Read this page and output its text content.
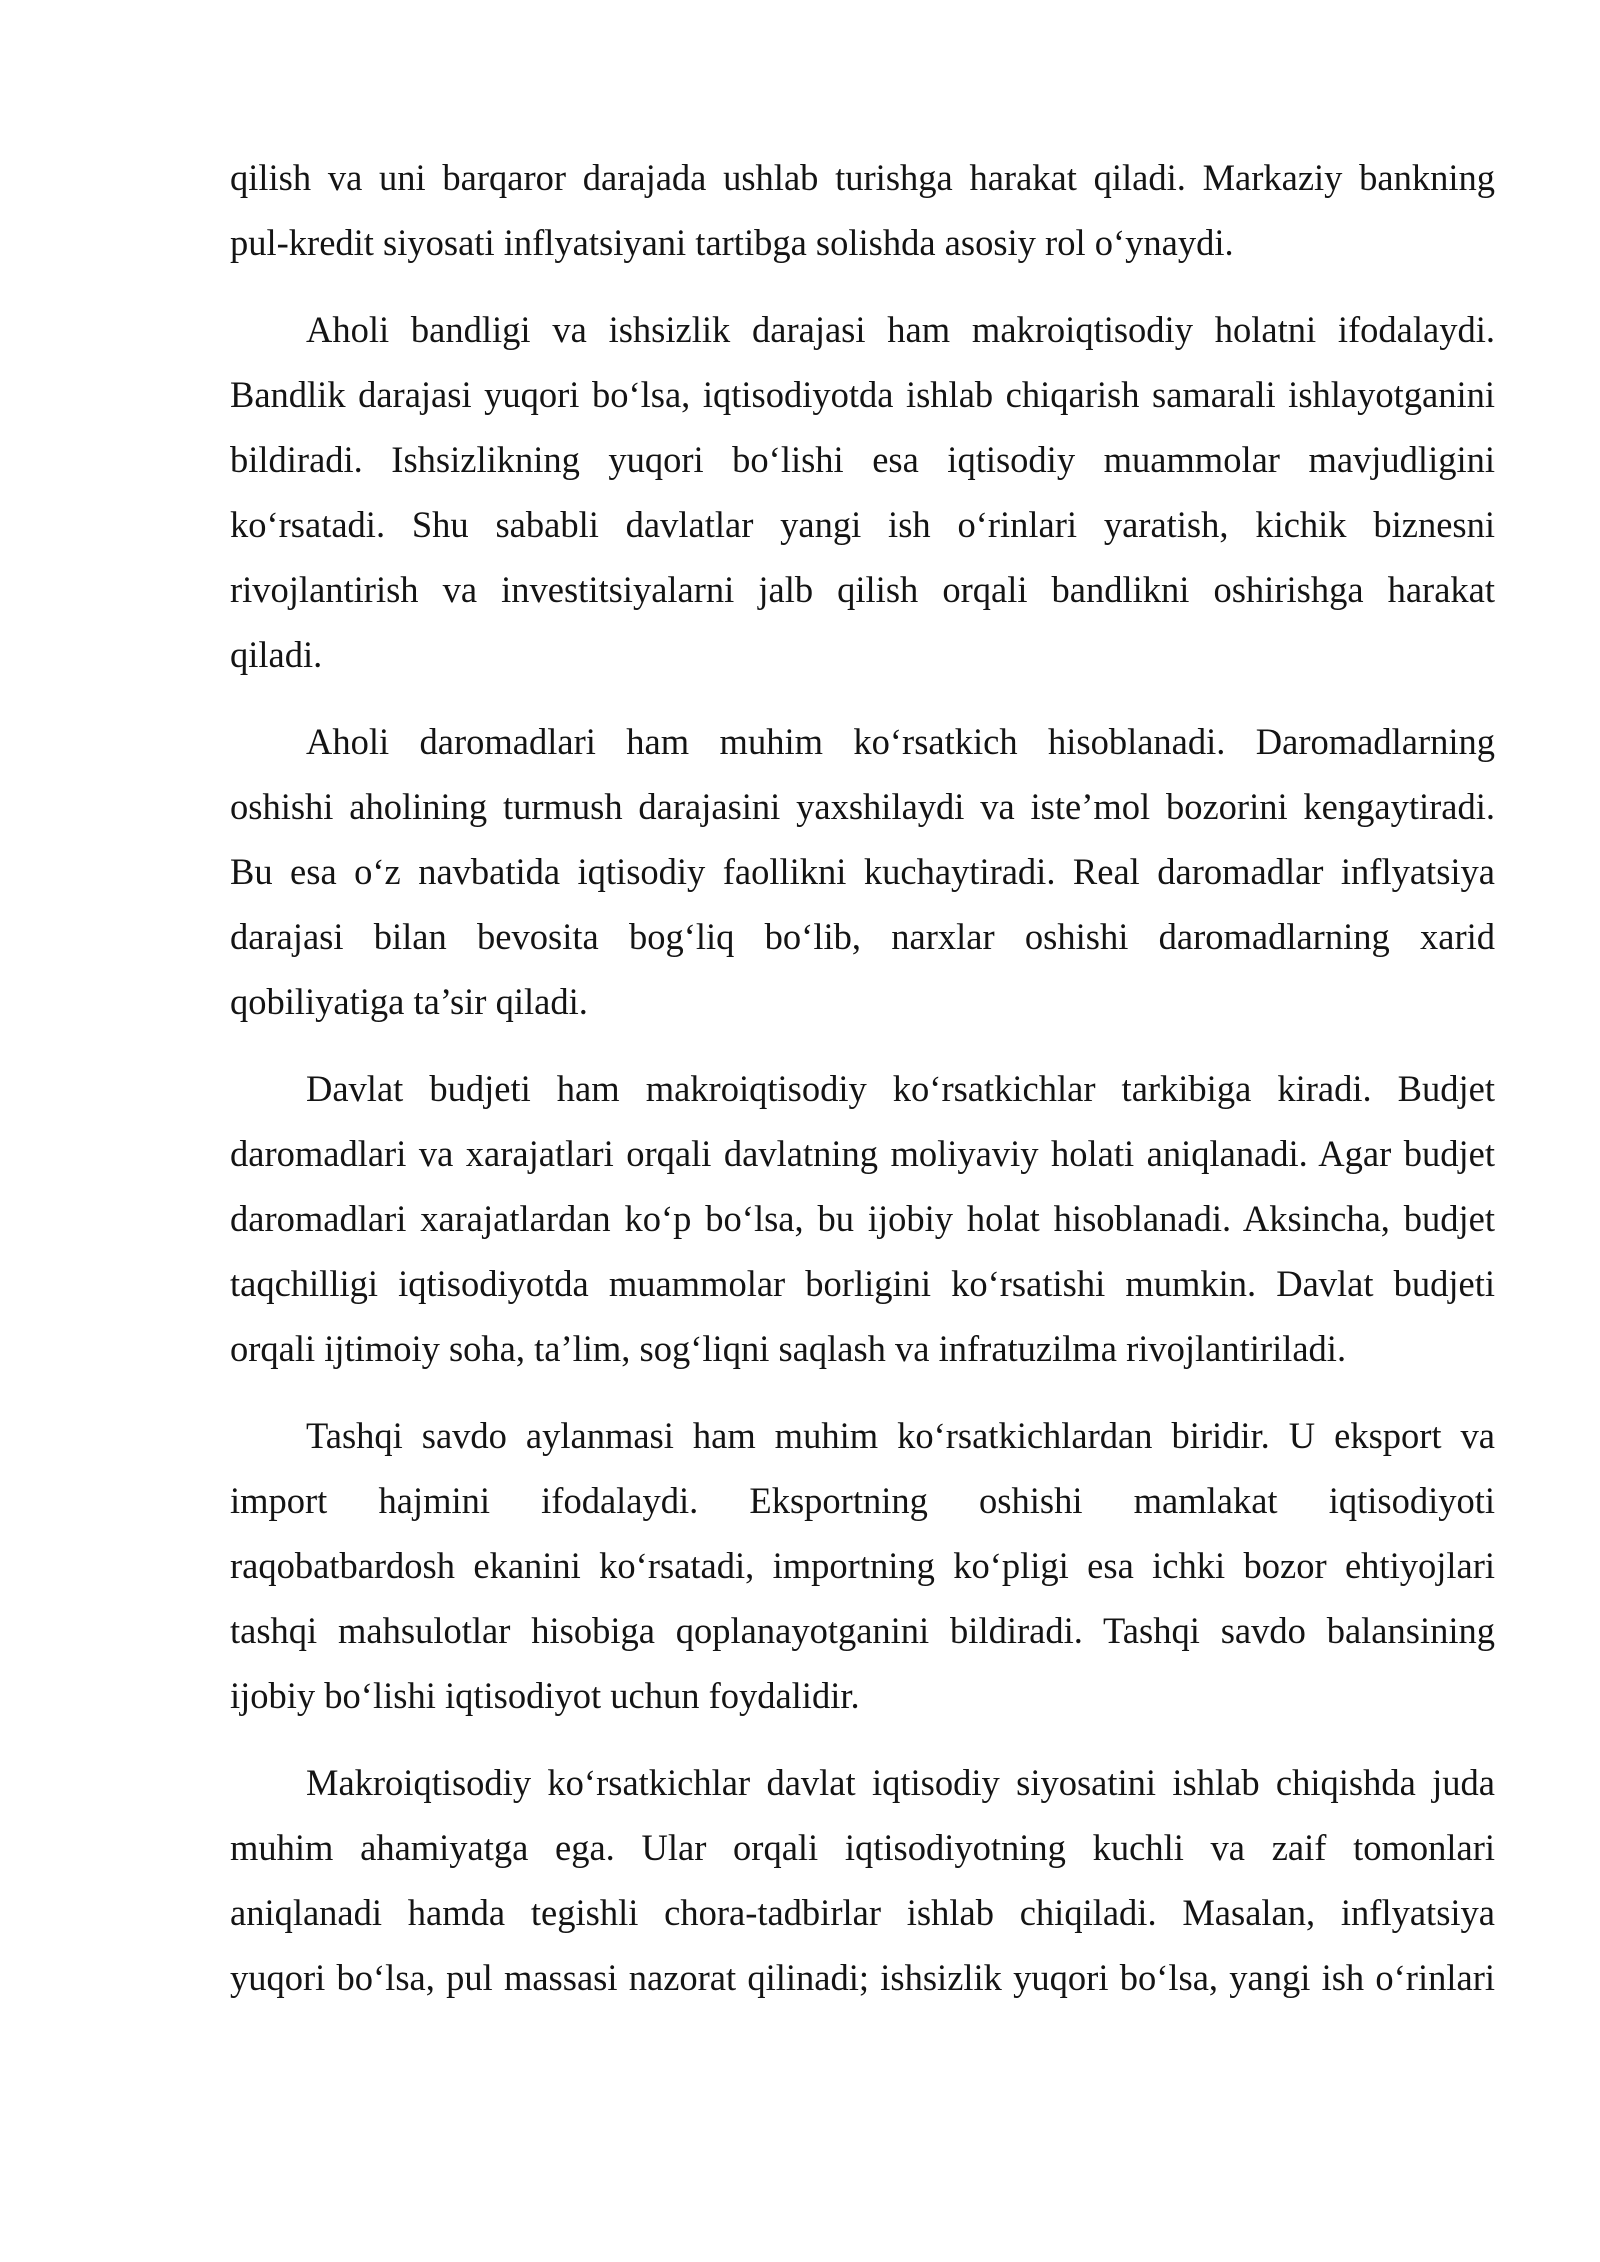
qilish va uni barqaror darajada ushlab turishga harakat qiladi. Markaziy bankning
pul-kredit siyosati inflyatsiyani tartibga solishda asosiy rol o‘ynaydi.
Aholi bandligi va ishsizlik darajasi ham makroiqtisodiy holatni ifodalaydi.
Bandlik darajasi yuqori bo‘lsa, iqtisodiyotda ishlab chiqarish samarali ishlayotganini
bildiradi. Ishsizlikning yuqori bo‘lishi esa iqtisodiy muammolar mavjudligini
ko‘rsatadi. Shu sababli davlatlar yangi ish o‘rinlari yaratish, kichik biznesni
rivojlantirish va investitsiyalarni jalb qilish orqali bandlikni oshirishga harakat
qiladi.
Aholi daromadlari ham muhim ko‘rsatkich hisoblanadi. Daromadlarning
oshishi aholining turmush darajasini yaxshilaydi va iste’mol bozorini kengaytiradi.
Bu esa o‘z navbatida iqtisodiy faollikni kuchaytiradi. Real daromadlar inflyatsiya
darajasi bilan bevosita bog‘liq bo‘lib, narxlar oshishi daromadlarning xarid
qobiliyatiga ta’sir qiladi.
Davlat budjeti ham makroiqtisodiy ko‘rsatkichlar tarkibiga kiradi. Budjet
daromadlari va xarajatlari orqali davlatning moliyaviy holati aniqlanadi. Agar budjet
daromadlari xarajatlardan ko‘p bo‘lsa, bu ijobiy holat hisoblanadi. Aksincha, budjet
taqchilligi iqtisodiyotda muammolar borligini ko‘rsatishi mumkin. Davlat budjeti
orqali ijtimoiy soha, ta’lim, sog‘liqni saqlash va infratuzilma rivojlantiriladi.
Tashqi savdo aylanmasi ham muhim ko‘rsatkichlardan biridir. U eksport va
import hajmini ifodalaydi. Eksportning oshishi mamlakat iqtisodiyoti
raqobatbardosh ekanini ko‘rsatadi, importning ko‘pligi esa ichki bozor ehtiyojlari
tashqi mahsulotlar hisobiga qoplanayotganini bildiradi. Tashqi savdo balansining
ijobiy bo‘lishi iqtisodiyot uchun foydalidir.
Makroiqtisodiy ko‘rsatkichlar davlat iqtisodiy siyosatini ishlab chiqishda juda
muhim ahamiyatga ega. Ular orqali iqtisodiyotning kuchli va zaif tomonlari
aniqlanadi hamda tegishli chora-tadbirlar ishlab chiqiladi. Masalan, inflyatsiya
yuqori bo‘lsa, pul massasi nazorat qilinadi; ishsizlik yuqori bo‘lsa, yangi ish o‘rinlari
